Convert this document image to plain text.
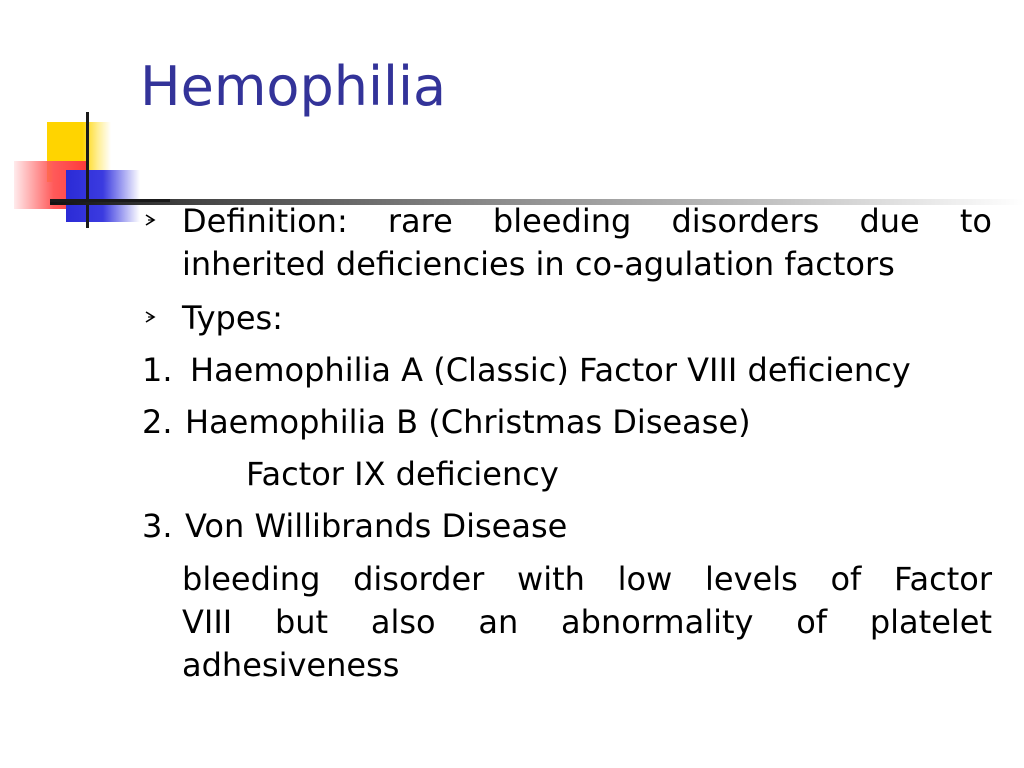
Hemophilia
Definition: rare bleeding disorders due to
inherited deficiencies in co-agulation factors
Types:
1. Haemophilia A (Classic) Factor VIII deficiency
2. Haemophilia B (Christmas Disease)
Factor IX deficiency
3. Von Willibrands Disease
bleeding disorder with low levels of Factor
VIII but also an abnormality of platelet
adhesiveness
